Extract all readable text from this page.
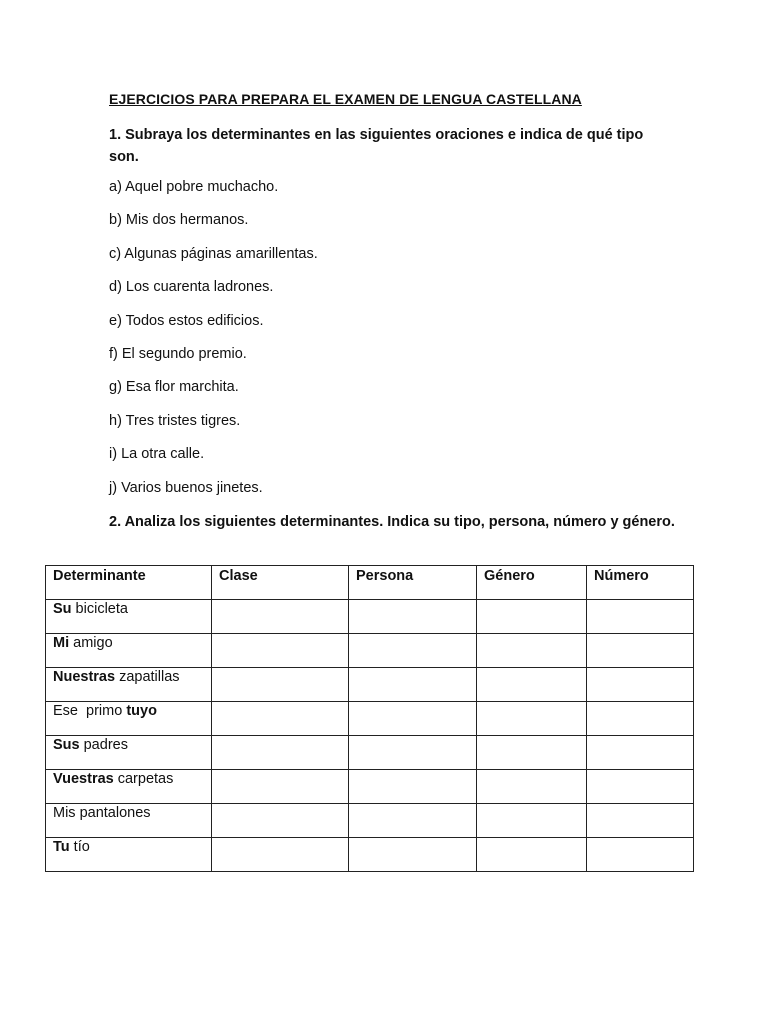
EJERCICIOS PARA PREPARA EL EXAMEN DE LENGUA CASTELLANA
1. Subraya los determinantes en las siguientes oraciones e indica de qué tipo son.
a) Aquel pobre muchacho.
b) Mis dos hermanos.
c) Algunas páginas amarillentas.
d) Los cuarenta ladrones.
e) Todos estos edificios.
f) El segundo premio.
g) Esa flor marchita.
h) Tres tristes tigres.
i) La otra calle.
j) Varios buenos jinetes.
2. Analiza los siguientes determinantes. Indica su tipo, persona, número y género.
Determinante	Clase	Persona	Género	Número
Su bicicleta				
Mi amigo				
Nuestras zapatillas				
Ese  primo tuyo				
Sus padres				
Vuestras carpetas				
Mis pantalones				
Tu tío				
